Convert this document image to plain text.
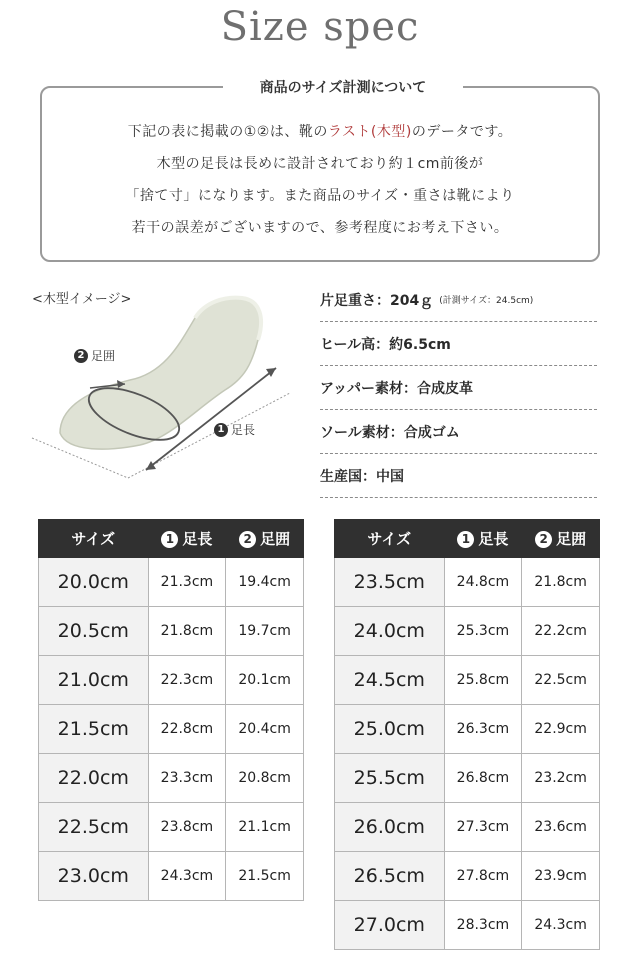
Size spec
商品のサイズ計測について
下記の表に掲載の①②は、靴のラスト(木型)のデータです。
木型の足長は長めに設計されており約１cm前後が
「捨て寸」になります。また商品のサイズ・重さは靴により
若干の誤差がございますので、参考程度にお考え下さい。
<木型イメージ>
2 足囲
1 足長
片足重さ：204ｇ (計測サイズ：24.5cm)
ヒール高：約6.5cm
アッパー素材：合成皮革
ソール素材：合成ゴム
生産国：中国
サイズ	1 足長	2 足囲
20.0cm	21.3cm	19.4cm
20.5cm	21.8cm	19.7cm
21.0cm	22.3cm	20.1cm
21.5cm	22.8cm	20.4cm
22.0cm	23.3cm	20.8cm
22.5cm	23.8cm	21.1cm
23.0cm	24.3cm	21.5cm
サイズ	1 足長	2 足囲
23.5cm	24.8cm	21.8cm
24.0cm	25.3cm	22.2cm
24.5cm	25.8cm	22.5cm
25.0cm	26.3cm	22.9cm
25.5cm	26.8cm	23.2cm
26.0cm	27.3cm	23.6cm
26.5cm	27.8cm	23.9cm
27.0cm	28.3cm	24.3cm
